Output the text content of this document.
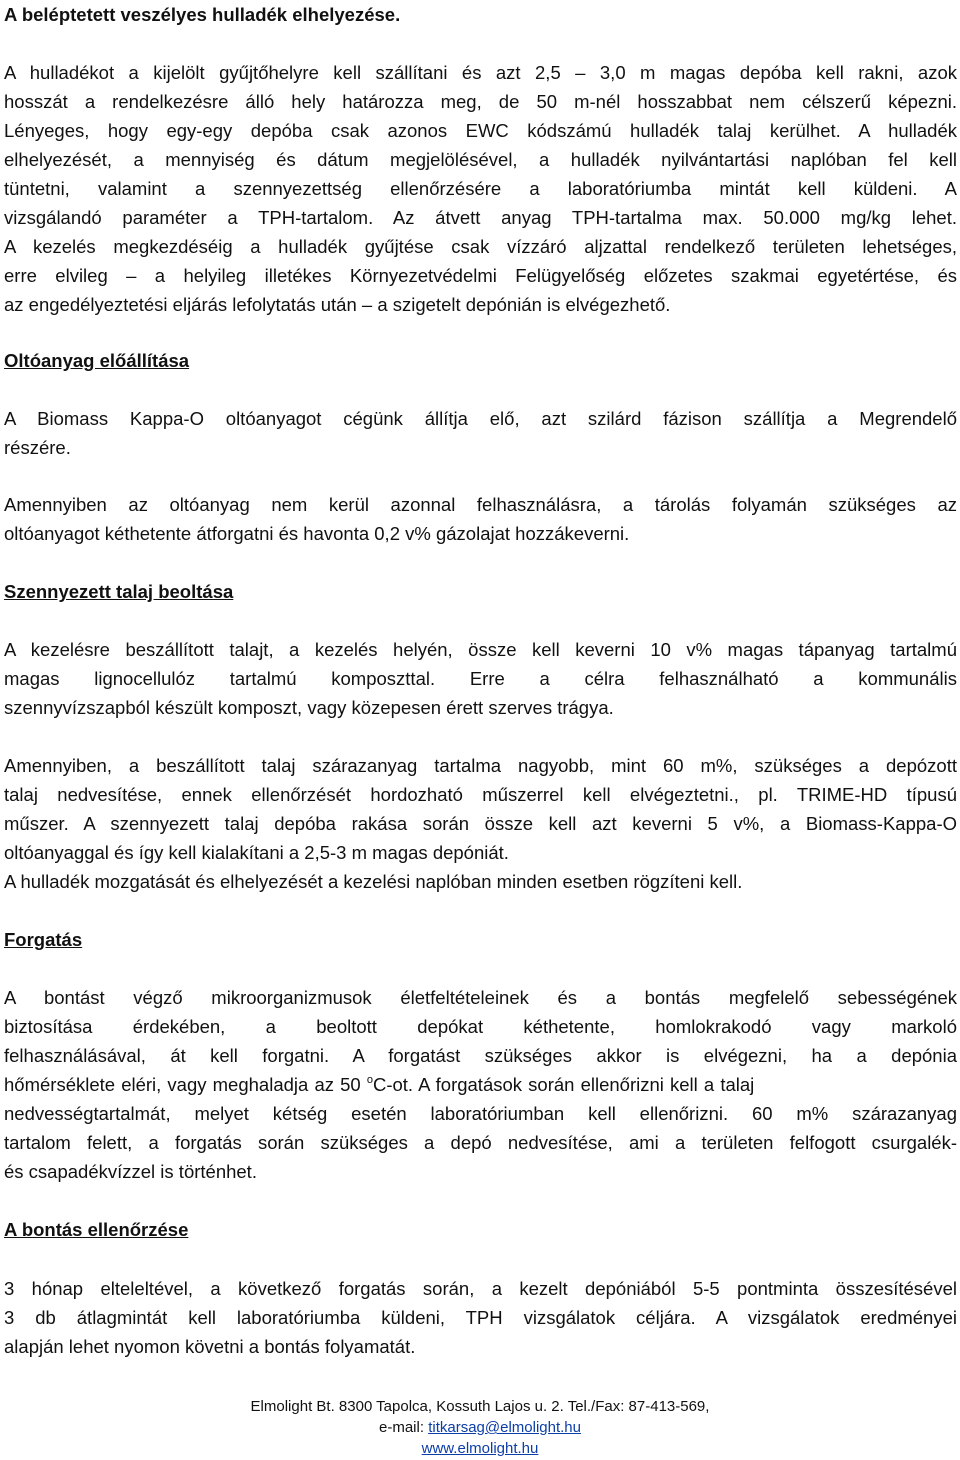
A beléptetett veszélyes hulladék elhelyezése.
A hulladékot a kijelölt gyűjtőhelyre kell szállítani és azt 2,5 – 3,0 m magas depóba kell rakni, azok
hosszát a rendelkezésre álló hely határozza meg, de 50 m-nél hosszabbat nem célszerű képezni.
Lényeges, hogy egy-egy depóba csak azonos EWC kódszámú hulladék talaj kerülhet. A hulladék
elhelyezését, a mennyiség és dátum megjelölésével, a hulladék nyilvántartási naplóban fel kell
tüntetni, valamint a szennyezettség ellenőrzésére a laboratóriumba mintát kell küldeni. A
vizsgálandó paraméter a TPH-tartalom. Az átvett anyag TPH-tartalma max. 50.000 mg/kg lehet.
A kezelés megkezdéséig a hulladék gyűjtése csak vízzáró aljzattal rendelkező területen lehetséges,
erre elvileg – a helyileg illetékes Környezetvédelmi Felügyelőség előzetes szakmai egyetértése, és
az engedélyeztetési eljárás lefolytatás után – a szigetelt depónián is elvégezhető.
Oltóanyag előállítása
A Biomass Kappa-O oltóanyagot cégünk állítja elő, azt szilárd fázison szállítja a Megrendelő
részére.
Amennyiben az oltóanyag nem kerül azonnal felhasználásra, a tárolás folyamán szükséges az
oltóanyagot kéthetente átforgatni és havonta 0,2 v% gázolajat hozzákeverni.
Szennyezett talaj beoltása
A kezelésre beszállított talajt, a kezelés helyén, össze kell keverni 10 v% magas tápanyag tartalmú
magas lignocellulóz tartalmú komposzttal. Erre a célra felhasználható a kommunális
szennyvízszapból készült komposzt, vagy közepesen érett szerves trágya.
Amennyiben, a beszállított talaj szárazanyag tartalma nagyobb, mint 60 m%, szükséges a depózott
talaj nedvesítése, ennek ellenőrzését hordozható műszerrel kell elvégeztetni., pl. TRIME-HD típusú
műszer. A szennyezett talaj depóba rakása során össze kell azt keverni 5 v%, a Biomass-Kappa-O
oltóanyaggal és így kell kialakítani a 2,5-3 m magas depóniát.
A hulladék mozgatását és elhelyezését a kezelési naplóban minden esetben rögzíteni kell.
Forgatás
A bontást végző mikroorganizmusok életfeltételeinek és a bontás megfelelő sebességének
biztosítása érdekében, a beoltott depókat kéthetente, homlokrakodó vagy markoló
felhasználásával, át kell forgatni. A forgatást szükséges akkor is elvégezni, ha a depónia
hőmérséklete eléri, vagy meghaladja az 50 $^o$C-ot. A forgatások során ellenőrizni kell a talaj
nedvességtartalmát, melyet kétség esetén laboratóriumban kell ellenőrizni. 60 m% szárazanyag
tartalom felett, a forgatás során szükséges a depó nedvesítése, ami a területen felfogott csurgalék-
és csapadékvízzel is történhet.
A bontás ellenőrzése
3 hónap elteleltével, a következő forgatás során, a kezelt depóniából 5-5 pontminta összesítésével
3 db átlagmintát kell laboratóriumba küldeni, TPH vizsgálatok céljára. A vizsgálatok eredményei
alapján lehet nyomon követni a bontás folyamatát.
Elmolight Bt. 8300 Tapolca, Kossuth Lajos u. 2. Tel./Fax: 87-413-569,
e-mail: titkarsag@elmolight.hu
www.elmolight.hu
